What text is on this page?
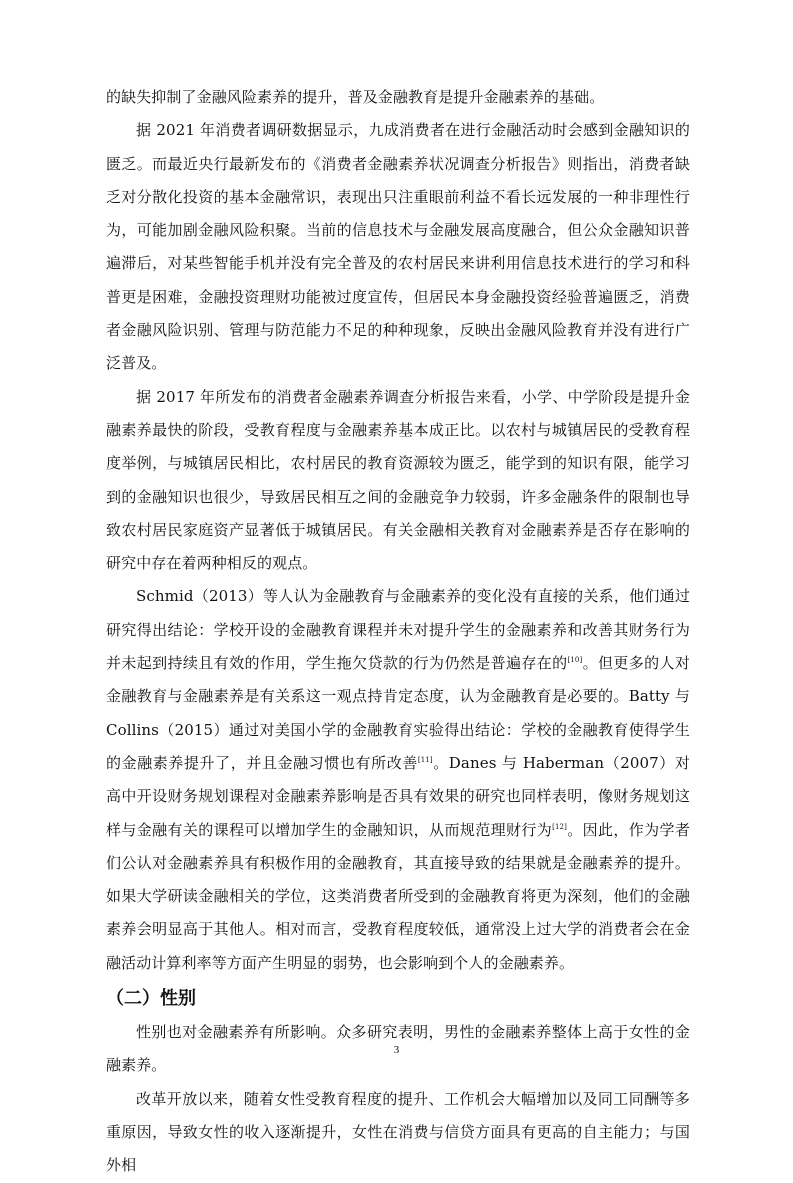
的缺失抑制了金融风险素养的提升，普及金融教育是提升金融素养的基础。

据 2021 年消费者调研数据显示，九成消费者在进行金融活动时会感到金融知识的匮乏。而最近央行最新发布的《消费者金融素养状况调查分析报告》则指出，消费者缺乏对分散化投资的基本金融常识，表现出只注重眼前利益不看长远发展的一种非理性行为，可能加剧金融风险积聚。当前的信息技术与金融发展高度融合，但公众金融知识普遍滞后，对某些智能手机并没有完全普及的农村居民来讲利用信息技术进行的学习和科普更是困难，金融投资理财功能被过度宣传，但居民本身金融投资经验普遍匮乏，消费者金融风险识别、管理与防范能力不足的种种现象，反映出金融风险教育并没有进行广泛普及。

据 2017 年所发布的消费者金融素养调查分析报告来看，小学、中学阶段是提升金融素养最快的阶段，受教育程度与金融素养基本成正比。以农村与城镇居民的受教育程度举例，与城镇居民相比，农村居民的教育资源较为匮乏，能学到的知识有限，能学习到的金融知识也很少，导致居民相互之间的金融竞争力较弱，许多金融条件的限制也导致农村居民家庭资产显著低于城镇居民。有关金融相关教育对金融素养是否存在影响的研究中存在着两种相反的观点。

Schmid（2013）等人认为金融教育与金融素养的变化没有直接的关系，他们通过研究得出结论：学校开设的金融教育课程并未对提升学生的金融素养和改善其财务行为并未起到持续且有效的作用，学生拖欠贷款的行为仍然是普遍存在的[10]。但更多的人对金融教育与金融素养是有关系这一观点持肯定态度，认为金融教育是必要的。Batty 与 Collins（2015）通过对美国小学的金融教育实验得出结论：学校的金融教育使得学生的金融素养提升了，并且金融习惯也有所改善[11]。Danes 与 Haberman（2007）对高中开设财务规划课程对金融素养影响是否具有效果的研究也同样表明，像财务规划这样与金融有关的课程可以增加学生的金融知识，从而规范理财行为[12]。因此，作为学者们公认对金融素养具有积极作用的金融教育，其直接导致的结果就是金融素养的提升。如果大学研读金融相关的学位，这类消费者所受到的金融教育将更为深刻，他们的金融素养会明显高于其他人。相对而言，受教育程度较低，通常没上过大学的消费者会在金融活动计算利率等方面产生明显的弱势，也会影响到个人的金融素养。

（二）性别

性别也对金融素养有所影响。众多研究表明，男性的金融素养整体上高于女性的金融素养。

改革开放以来，随着女性受教育程度的提升、工作机会大幅增加以及同工同酬等多重原因，导致女性的收入逐渐提升，女性在消费与信贷方面具有更高的自主能力；与国外相

3
